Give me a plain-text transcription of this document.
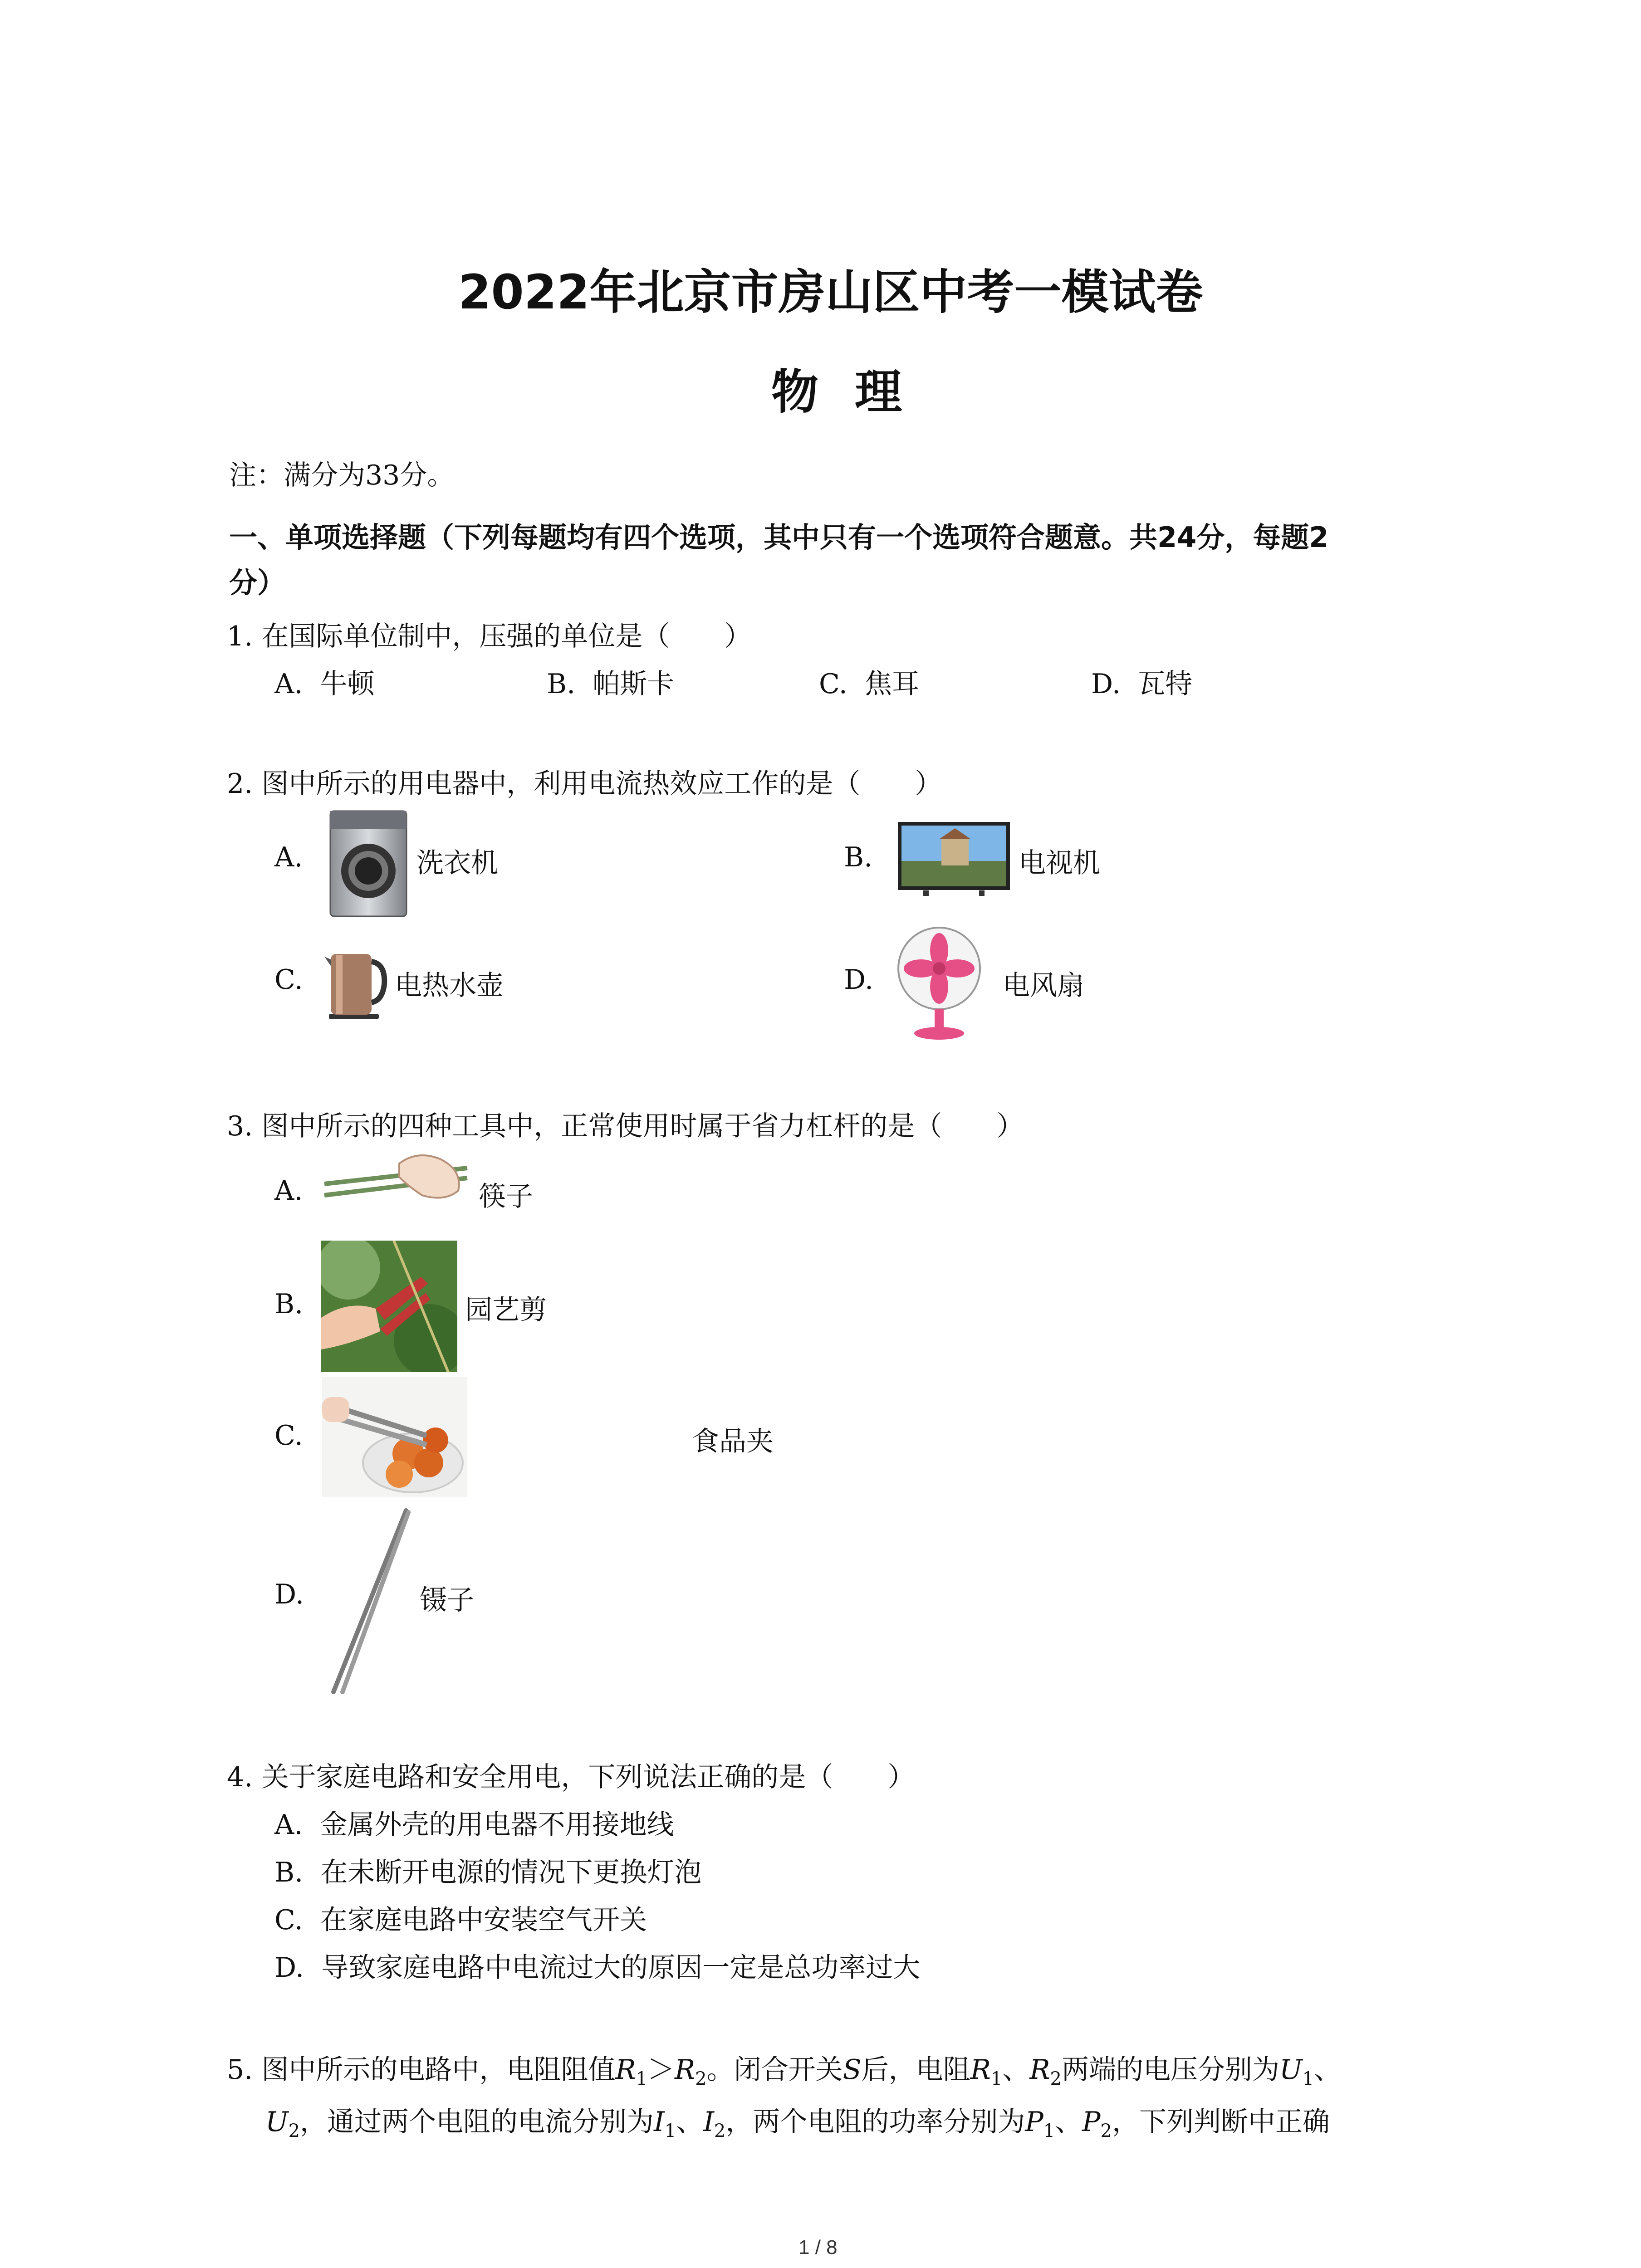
2022年北京市房山区中考一模试卷
物理
注：满分为33分。
一、单项选择题（下列每题均有四个选项，其中只有一个选项符合题意。共24分，每题2
分）
1. 在国际单位制中，压强的单位是（　　）
A. 牛顿	B. 帕斯卡	C. 焦耳	D. 瓦特
2. 图中所示的用电器中，利用电流热效应工作的是（　　）
A.	洗衣机	B.	电视机
C.	电热水壶	D.	电风扇
3. 图中所示的四种工具中，正常使用时属于省力杠杆的是（　　）
A.	筷子
B.	园艺剪
C.	食品夹
D.	镊子
4. 关于家庭电路和安全用电，下列说法正确的是（　　）
A. 金属外壳的用电器不用接地线
B. 在未断开电源的情况下更换灯泡
C. 在家庭电路中安装空气开关
D. 导致家庭电路中电流过大的原因一定是总功率过大
5. 图中所示的电路中，电阻阻值$R_1>R_2$。闭合开关S后，电阻$R_1$、$R_2$两端的电压分别为$U_1$、
$U_2$，通过两个电阻的电流分别为$I_1$、$I_2$，两个电阻的功率分别为$P_1$、$P_2$，下列判断中正确
1 / 8
